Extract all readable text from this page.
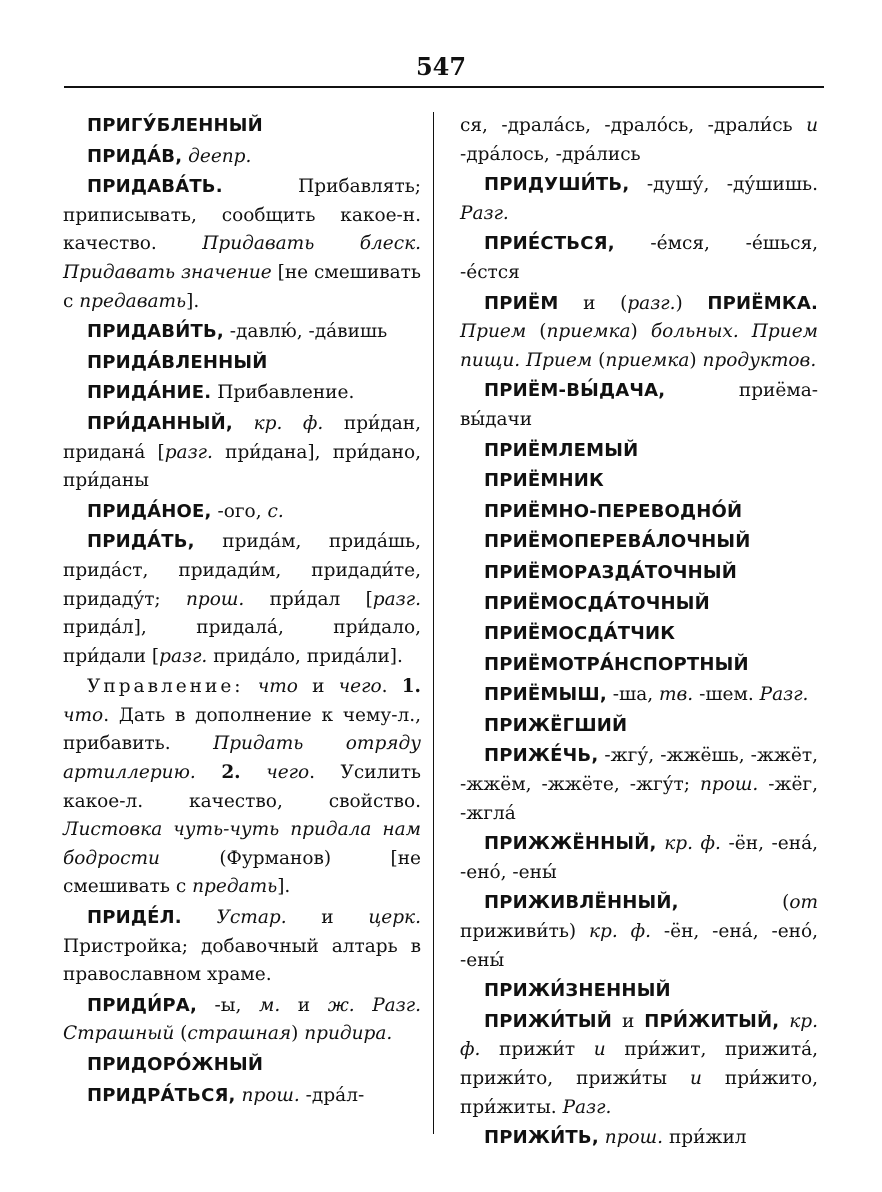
547

ПРИГУ́БЛЕННЫЙ

ПРИДА́В, деепр.

ПРИДАВА́ТЬ. Прибавлять; приписывать, сообщить какое-н. качество. Придавать блеск. Придавать значение [не смешивать с предавать].

ПРИДАВИ́ТЬ, -давлю́, -да́вишь

ПРИДА́ВЛЕННЫЙ

ПРИДА́НИЕ. Прибавление.

ПРИ́ДАННЫЙ, кр. ф. при́дан, придана́ [разг. при́дана], при́дано, при́даны

ПРИДА́НОЕ, -ого, с.

ПРИДА́ТЬ, прида́м, прида́шь, прида́ст, придади́м, придади́те, придаду́т; прош. при́дал [разг. прида́л], придала́, при́дало, при́дали [разг. прида́ло, прида́ли].

Управление: что и чего. 1. что. Дать в дополнение к чему-л., прибавить. Придать отряду артиллерию. 2. чего. Усилить какое-л. качество, свойство. Листовка чуть-чуть придала нам бодрости (Фурманов) [не смешивать с предать].

ПРИДЕ́Л. Устар. и церк. Пристройка; добавочный алтарь в православном храме.

ПРИДИ́РА, -ы, м. и ж. Разг. Страшный (страшная) придира.

ПРИДОРО́ЖНЫЙ

ПРИДРА́ТЬСЯ, прош. -дра́л-

ся, -драла́сь, -драло́сь, -драли́сь и -дра́лось, -дра́лись

ПРИДУШИ́ТЬ, -душу́, -ду́шишь. Разг.

ПРИЕ́СТЬСЯ, -е́мся, -е́шься, -е́стся

ПРИЁМ и (разг.) ПРИЁМКА. Прием (приемка) больных. Прием пищи. Прием (приемка) продуктов.

ПРИЁМ-ВЫ́ДАЧА, приёма-вы́дачи

ПРИЁМЛЕМЫЙ

ПРИЁМНИК

ПРИЁМНО-ПЕРЕВОДНО́Й

ПРИЁМОПЕРЕВА́ЛОЧНЫЙ

ПРИЁМОРАЗДА́ТОЧНЫЙ

ПРИЁМОСДА́ТОЧНЫЙ

ПРИЁМОСДА́ТЧИК

ПРИЁМОТРА́НСПОРТНЫЙ

ПРИЁМЫШ, -ша, тв. -шем. Разг.

ПРИЖЁГШИЙ

ПРИЖЕ́ЧЬ, -жгу́, -жжёшь, -жжёт, -жжём, -жжёте, -жгу́т; прош. -жёг, -жгла́

ПРИЖЖЁННЫЙ, кр. ф. -ён, -ена́, -ено́, -ены́

ПРИЖИВЛЁННЫЙ, (от приживи́ть) кр. ф. -ён, -ена́, -ено́, -ены́

ПРИЖИ́ЗНЕННЫЙ

ПРИЖИ́ТЫЙ и ПРИ́ЖИТЫЙ, кр. ф. прижи́т и при́жит, прижита́, прижи́то, прижи́ты и при́жито, при́житы. Разг.

ПРИЖИ́ТЬ, прош. при́жил
